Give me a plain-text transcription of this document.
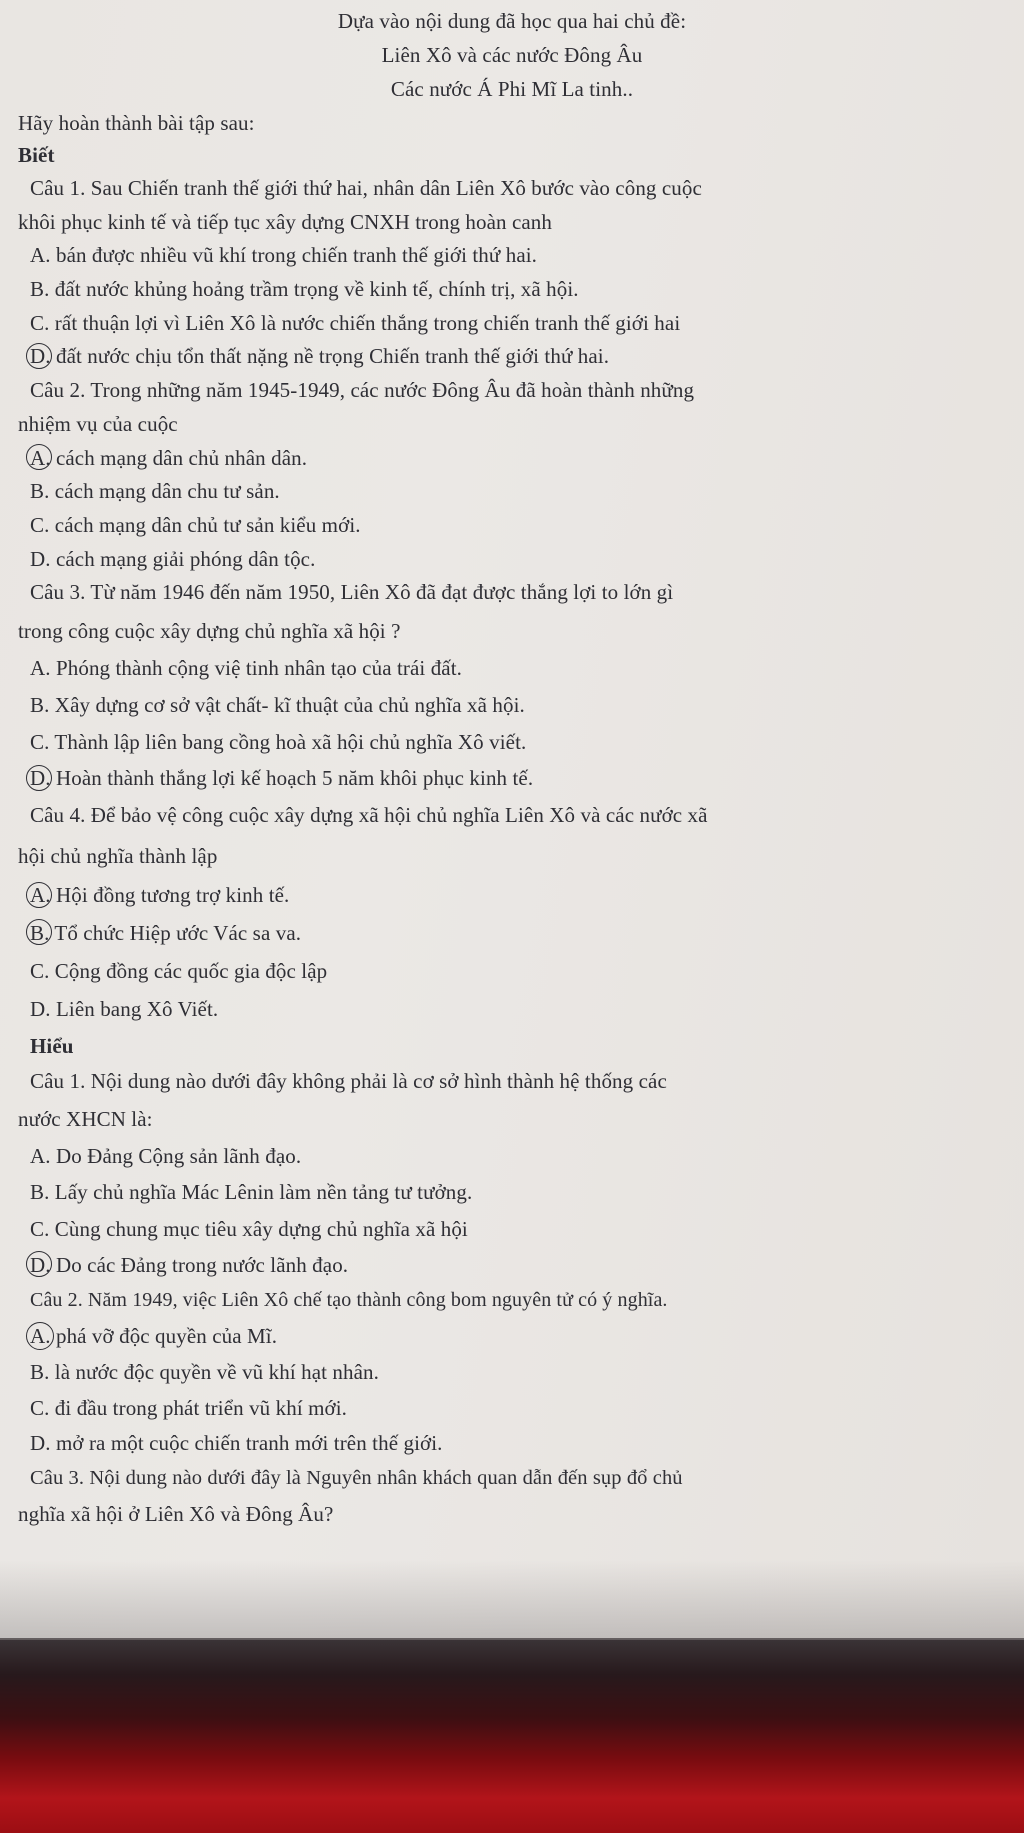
Dựa vào nội dung đã học qua hai chủ đề:
Liên Xô và các nước Đông Âu
Các nước Á Phi Mĩ La tinh..
Hãy hoàn thành bài tập sau:
Biết
Câu 1. Sau Chiến tranh thế giới thứ hai, nhân dân Liên Xô bước vào công cuộc
khôi phục kinh tế và tiếp tục xây dựng CNXH trong hoàn canh
A. bán được nhiều vũ khí trong chiến tranh thế giới thứ hai.
B. đất nước khủng hoảng trầm trọng về kinh tế, chính trị, xã hội.
C. rất thuận lợi vì Liên Xô là nước chiến thắng trong chiến tranh thế giới hai
D. đất nước chịu tổn thất nặng nề trọng Chiến tranh thế giới thứ hai.
Câu 2. Trong những năm 1945-1949, các nước Đông Âu đã hoàn thành những
nhiệm vụ của cuộc
A. cách mạng dân chủ nhân dân.
B. cách mạng dân chu tư sản.
C. cách mạng dân chủ tư sản kiểu mới.
D. cách mạng giải phóng dân tộc.
Câu 3. Từ năm 1946 đến năm 1950, Liên Xô đã đạt được thắng lợi to lớn gì
trong công cuộc xây dựng chủ nghĩa xã hội ?
A. Phóng thành cộng việ tinh nhân tạo của trái đất.
B. Xây dựng cơ sở vật chất- kĩ thuật của chủ nghĩa xã hội.
C. Thành lập liên bang cồng hoà xã hội chủ nghĩa Xô viết.
D. Hoàn thành thắng lợi kế hoạch 5 năm khôi phục kinh tế.
Câu 4. Để bảo vệ công cuộc xây dựng xã hội chủ nghĩa Liên Xô và các nước xã
hội chủ nghĩa thành lập
A. Hội đồng tương trợ kinh tế.
B. Tổ chức Hiệp ước Vác sa va.
C. Cộng đồng các quốc gia độc lập
D. Liên bang Xô Viết.
Hiểu
Câu 1. Nội dung nào dưới đây không phải là cơ sở hình thành hệ thống các
nước XHCN là:
A. Do Đảng Cộng sản lãnh đạo.
B. Lấy chủ nghĩa Mác Lênin làm nền tảng tư tưởng.
C. Cùng chung mục tiêu xây dựng chủ nghĩa xã hội
D. Do các Đảng trong nước lãnh đạo.
Câu 2. Năm 1949, việc Liên Xô chế tạo thành công bom nguyên tử có ý nghĩa.
A. phá vỡ độc quyền của Mĩ.
B. là nước độc quyền về vũ khí hạt nhân.
C. đi đầu trong phát triển vũ khí mới.
D. mở ra một cuộc chiến tranh mới trên thế giới.
Câu 3. Nội dung nào dưới đây là Nguyên nhân khách quan dẫn đến sụp đổ chủ
nghĩa xã hội ở Liên Xô và Đông Âu?
